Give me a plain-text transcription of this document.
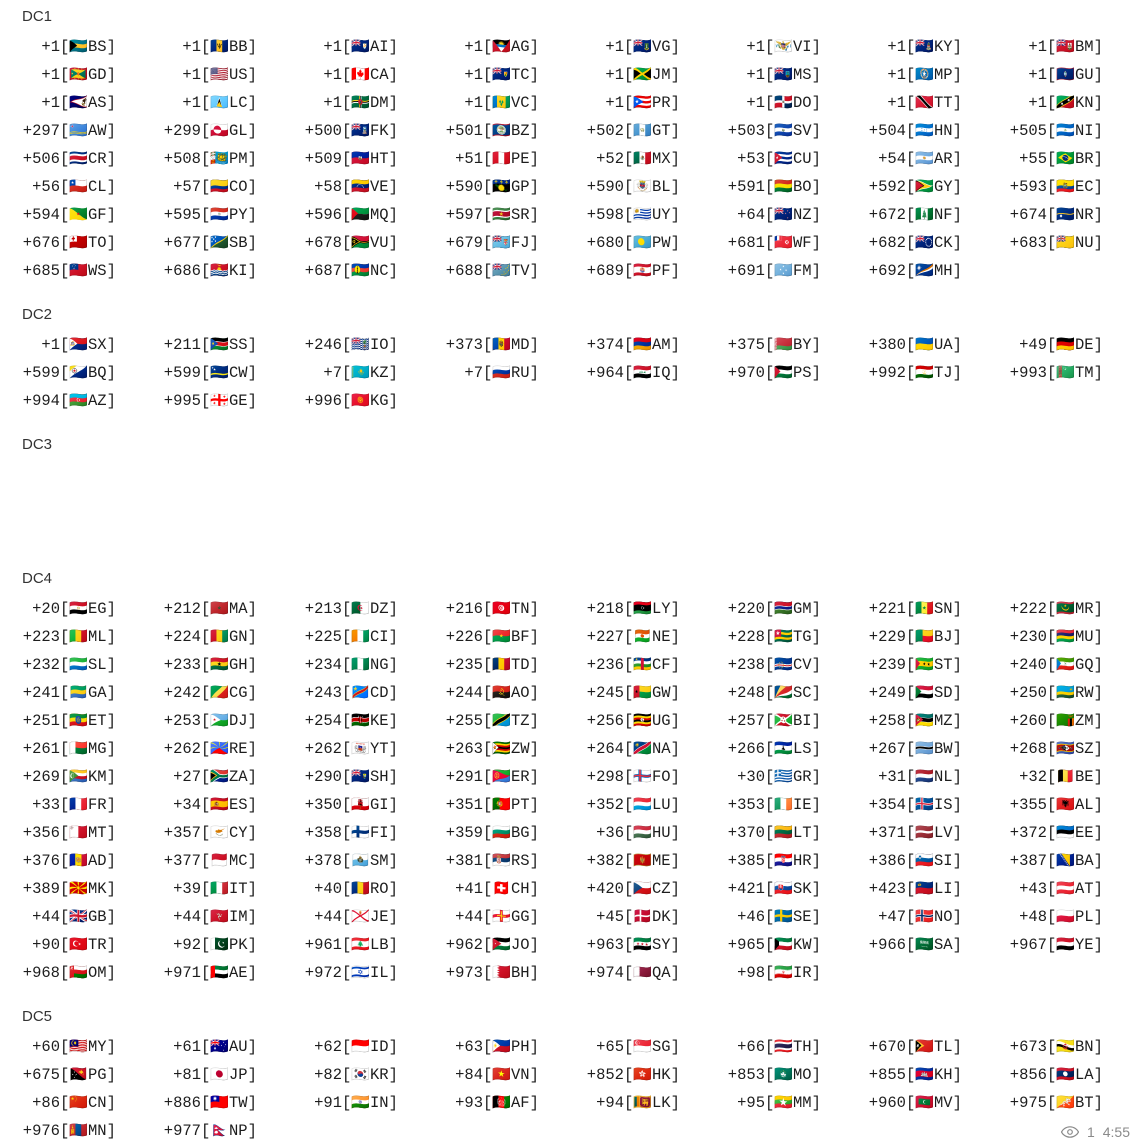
DC1
+1[🇧🇸BS]	+1[🇧🇧BB]	+1[🇦🇮AI]	+1[🇦🇬AG]	+1[🇻🇬VG]	+1[🇻🇮VI]	+1[🇰🇾KY]	+1[🇧🇲BM]
+1[🇬🇩GD]	+1[🇺🇸US]	+1[🇨🇦CA]	+1[🇹🇨TC]	+1[🇯🇲JM]	+1[🇲🇸MS]	+1[🇲🇵MP]	+1[🇬🇺GU]
+1[🇦🇸AS]	+1[🇱🇨LC]	+1[🇩🇲DM]	+1[🇻🇨VC]	+1[🇵🇷PR]	+1[🇩🇴DO]	+1[🇹🇹TT]	+1[🇰🇳KN]
+297[🇦🇼AW]	+299[🇬🇱GL]	+500[🇫🇰FK]	+501[🇧🇿BZ]	+502[🇬🇹GT]	+503[🇸🇻SV]	+504[🇭🇳HN]	+505[🇳🇮NI]
+506[🇨🇷CR]	+508[🇵🇲PM]	+509[🇭🇹HT]	+51[🇵🇪PE]	+52[🇲🇽MX]	+53[🇨🇺CU]	+54[🇦🇷AR]	+55[🇧🇷BR]
+56[🇨🇱CL]	+57[🇨🇴CO]	+58[🇻🇪VE]	+590[🇬🇵GP]	+590[🇧🇱BL]	+591[🇧🇴BO]	+592[🇬🇾GY]	+593[🇪🇨EC]
+594[🇬🇫GF]	+595[🇵🇾PY]	+596[🇲🇶MQ]	+597[🇸🇷SR]	+598[🇺🇾UY]	+64[🇳🇿NZ]	+672[🇳🇫NF]	+674[🇳🇷NR]
+676[🇹🇴TO]	+677[🇸🇧SB]	+678[🇻🇺VU]	+679[🇫🇯FJ]	+680[🇵🇼PW]	+681[🇼🇫WF]	+682[🇨🇰CK]	+683[🇳🇺NU]
+685[🇼🇸WS]	+686[🇰🇮KI]	+687[🇳🇨NC]	+688[🇹🇻TV]	+689[🇵🇫PF]	+691[🇫🇲FM]	+692[🇲🇭MH]
DC2
+1[🇸🇽SX]	+211[🇸🇸SS]	+246[🇮🇴IO]	+373[🇲🇩MD]	+374[🇦🇲AM]	+375[🇧🇾BY]	+380[🇺🇦UA]	+49[🇩🇪DE]
+599[🇧🇶BQ]	+599[🇨🇼CW]	+7[🇰🇿KZ]	+7[🇷🇺RU]	+964[🇮🇶IQ]	+970[🇵🇸PS]	+992[🇹🇯TJ]	+993[🇹🇲TM]
+994[🇦🇿AZ]	+995[🇬🇪GE]	+996[🇰🇬KG]
DC3
DC4
+20[🇪🇬EG]	+212[🇲🇦MA]	+213[🇩🇿DZ]	+216[🇹🇳TN]	+218[🇱🇾LY]	+220[🇬🇲GM]	+221[🇸🇳SN]	+222[🇲🇷MR]
+223[🇲🇱ML]	+224[🇬🇳GN]	+225[🇨🇮CI]	+226[🇧🇫BF]	+227[🇳🇪NE]	+228[🇹🇬TG]	+229[🇧🇯BJ]	+230[🇲🇺MU]
+232[🇸🇱SL]	+233[🇬🇭GH]	+234[🇳🇬NG]	+235[🇹🇩TD]	+236[🇨🇫CF]	+238[🇨🇻CV]	+239[🇸🇹ST]	+240[🇬🇶GQ]
+241[🇬🇦GA]	+242[🇨🇬CG]	+243[🇨🇩CD]	+244[🇦🇴AO]	+245[🇬🇼GW]	+248[🇸🇨SC]	+249[🇸🇩SD]	+250[🇷🇼RW]
+251[🇪🇹ET]	+253[🇩🇯DJ]	+254[🇰🇪KE]	+255[🇹🇿TZ]	+256[🇺🇬UG]	+257[🇧🇮BI]	+258[🇲🇿MZ]	+260[🇿🇲ZM]
+261[🇲🇬MG]	+262[🇷🇪RE]	+262[🇾🇹YT]	+263[🇿🇼ZW]	+264[🇳🇦NA]	+266[🇱🇸LS]	+267[🇧🇼BW]	+268[🇸🇿SZ]
+269[🇰🇲KM]	+27[🇿🇦ZA]	+290[🇸🇭SH]	+291[🇪🇷ER]	+298[🇫🇴FO]	+30[🇬🇷GR]	+31[🇳🇱NL]	+32[🇧🇪BE]
+33[🇫🇷FR]	+34[🇪🇸ES]	+350[🇬🇮GI]	+351[🇵🇹PT]	+352[🇱🇺LU]	+353[🇮🇪IE]	+354[🇮🇸IS]	+355[🇦🇱AL]
+356[🇲🇹MT]	+357[🇨🇾CY]	+358[🇫🇮FI]	+359[🇧🇬BG]	+36[🇭🇺HU]	+370[🇱🇹LT]	+371[🇱🇻LV]	+372[🇪🇪EE]
+376[🇦🇩AD]	+377[🇲🇨MC]	+378[🇸🇲SM]	+381[🇷🇸RS]	+382[🇲🇪ME]	+385[🇭🇷HR]	+386[🇸🇮SI]	+387[🇧🇦BA]
+389[🇲🇰MK]	+39[🇮🇹IT]	+40[🇷🇴RO]	+41[🇨🇭CH]	+420[🇨🇿CZ]	+421[🇸🇰SK]	+423[🇱🇮LI]	+43[🇦🇹AT]
+44[🇬🇧GB]	+44[🇮🇲IM]	+44[🇯🇪JE]	+44[🇬🇬GG]	+45[🇩🇰DK]	+46[🇸🇪SE]	+47[🇳🇴NO]	+48[🇵🇱PL]
+90[🇹🇷TR]	+92[🇵🇰PK]	+961[🇱🇧LB]	+962[🇯🇴JO]	+963[🇸🇾SY]	+965[🇰🇼KW]	+966[🇸🇦SA]	+967[🇾🇪YE]
+968[🇴🇲OM]	+971[🇦🇪AE]	+972[🇮🇱IL]	+973[🇧🇭BH]	+974[🇶🇦QA]	+98[🇮🇷IR]
DC5
+60[🇲🇾MY]	+61[🇦🇺AU]	+62[🇮🇩ID]	+63[🇵🇭PH]	+65[🇸🇬SG]	+66[🇹🇭TH]	+670[🇹🇱TL]	+673[🇧🇳BN]
+675[🇵🇬PG]	+81[🇯🇵JP]	+82[🇰🇷KR]	+84[🇻🇳VN]	+852[🇭🇰HK]	+853[🇲🇴MO]	+855[🇰🇭KH]	+856[🇱🇦LA]
+86[🇨🇳CN]	+886[🇹🇼TW]	+91[🇮🇳IN]	+93[🇦🇫AF]	+94[🇱🇰LK]	+95[🇲🇲MM]	+960[🇲🇻MV]	+975[🇧🇹BT]
+976[🇲🇳MN]	+977[🇳🇵NP]	1 4:55
